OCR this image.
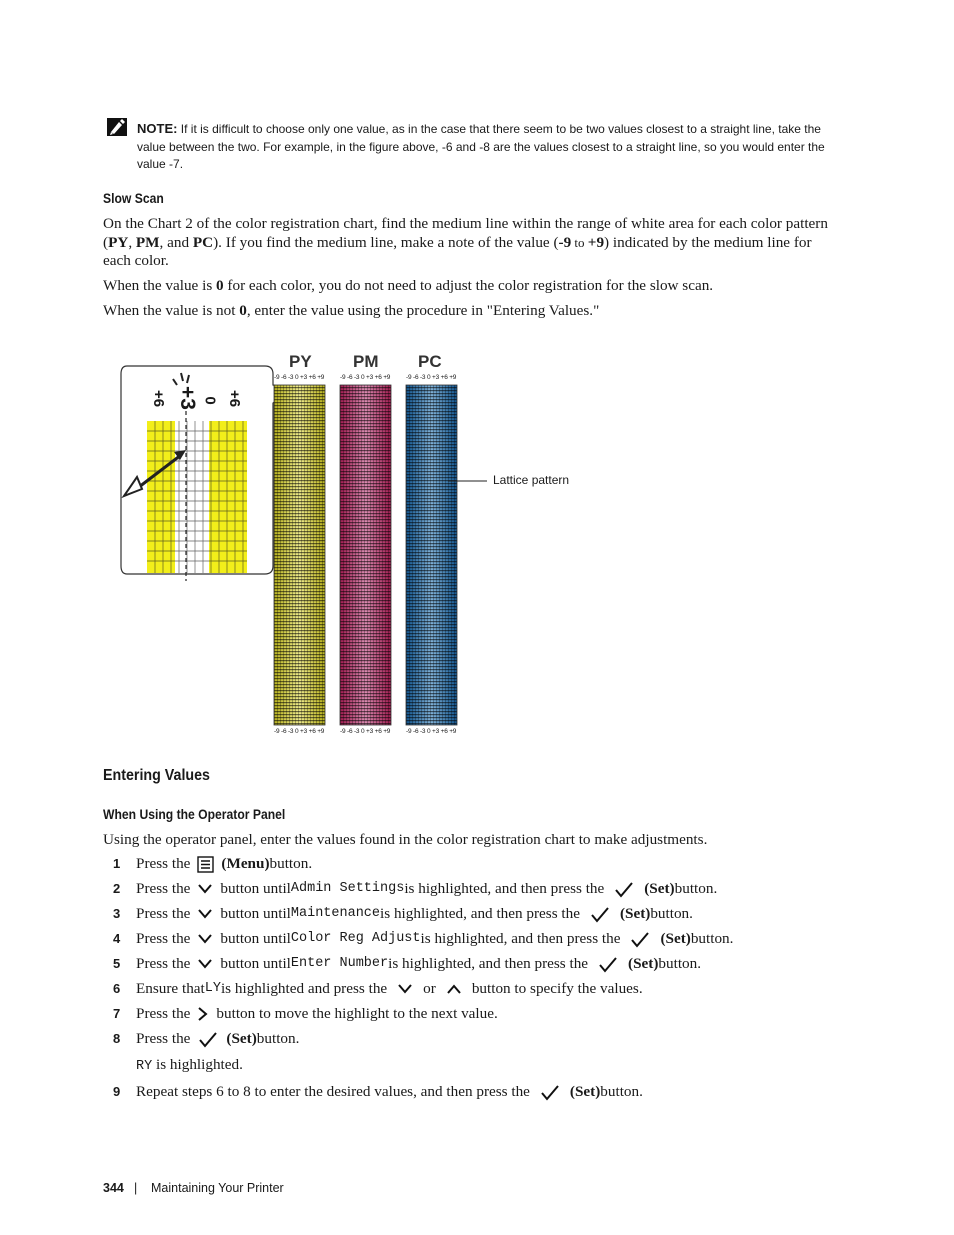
NOTE: If it is difficult to choose only one value, as in the case that there seem to be two values closest to a straight line, take the value between the two. For example, in the figure above, -6 and -8 are the values closest to a straight line, so you would enter the value -7.

Slow Scan

On the Chart 2 of the color registration chart, find the medium line within the range of white area for each color pattern (PY, PM, and PC). If you find the medium line, make a note of the value (-9 to +9) indicated by the medium line for each color.

When the value is 0 for each color, you do not need to adjust the color registration for the slow scan.

When the value is not 0, enter the value using the procedure in "Entering Values."

PY PM PC
-9 -6 -3 0 +3 +6 +9 -9 -6 -3 0 +3 +6 +9 -9 -6 -3 0 +3 +6 +9
-9 -6 -3 0 +3 +6 +9 -9 -6 -3 0 +3 +6 +9 -9 -6 -3 0 +3 +6 +9
+6 +3 0 +6
Lattice pattern

Entering Values

When Using the Operator Panel

Using the operator panel, enter the values found in the color registration chart to make adjustments.

1	Press the (Menu) button.
2	Press the button until Admin Settings is highlighted, and then press the	(Set) button.
3	Press the button until Maintenance is highlighted, and then press the	(Set) button.
4	Press the button until Color Reg Adjust is highlighted, and then press the	(Set) button.
5	Press the button until Enter Number is highlighted, and then press the	(Set) button.
6	Ensure that LY is highlighted and press the or button to specify the values.
7	Press the button to move the highlight to the next value.
8	Press the (Set) button.
RY is highlighted.
9	Repeat steps 6 to 8 to enter the desired values, and then press the	(Set) button.
344 | Maintaining Your Printer
